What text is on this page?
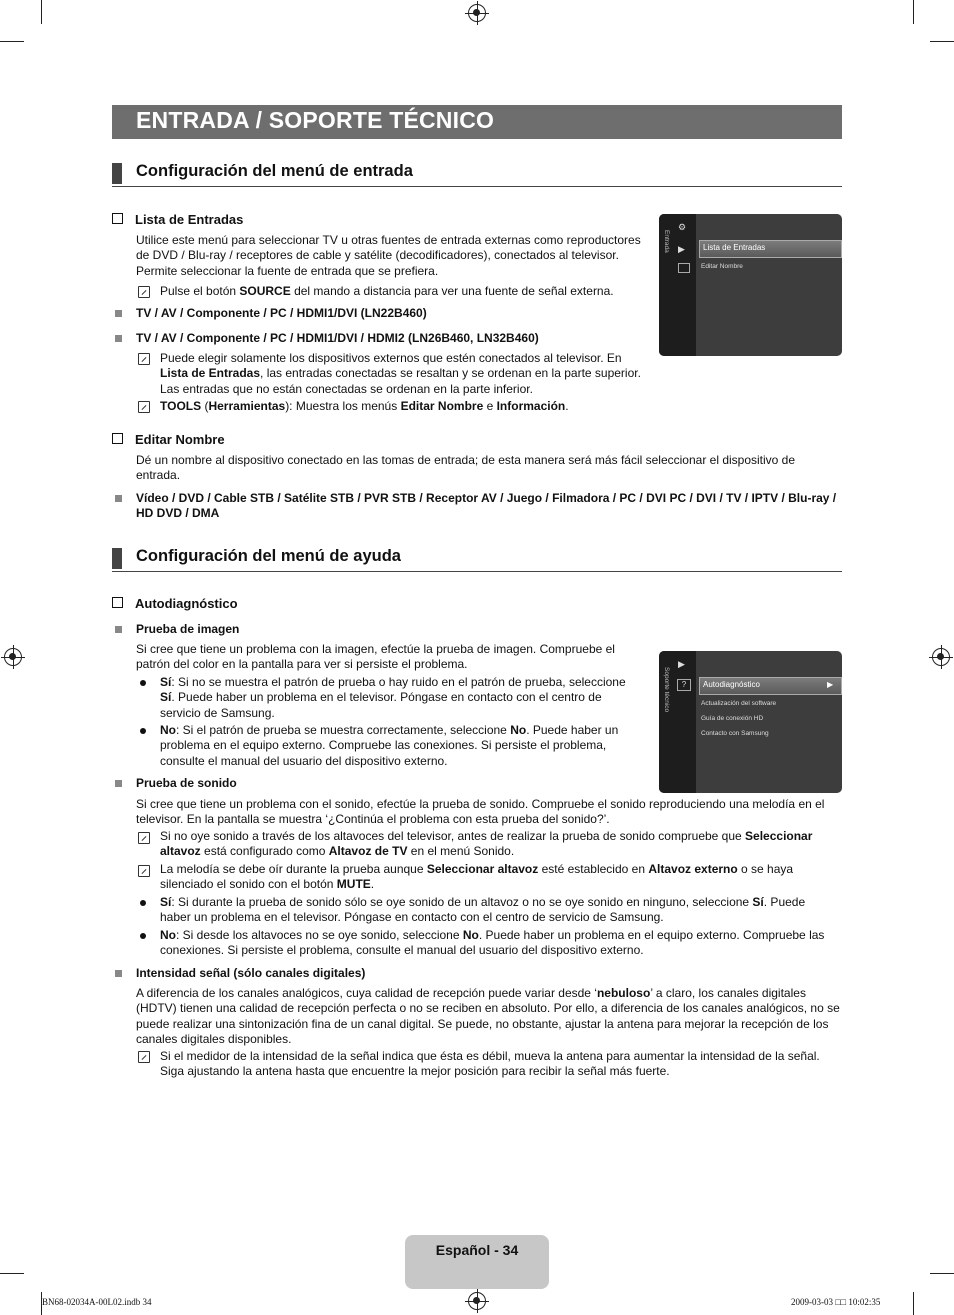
ENTRADA / SOPORTE TÉCNICO
Configuración del menú de entrada
Lista de Entradas
Utilice este menú para seleccionar TV u otras fuentes de entrada externas como reproductores de DVD / Blu-ray / receptores de cable y satélite (decodificadores), conectados al televisor. Permite seleccionar la fuente de entrada que se prefiera.
Pulse el botón SOURCE del mando a distancia para ver una fuente de señal externa.
TV / AV / Componente / PC / HDMI1/DVI (LN22B460)
TV / AV / Componente / PC / HDMI1/DVI / HDMI2 (LN26B460, LN32B460)
Puede elegir solamente los dispositivos externos que estén conectados al televisor. En Lista de Entradas, las entradas conectadas se resaltan y se ordenan en la parte superior. Las entradas que no están conectadas se ordenan en la parte inferior.
TOOLS (Herramientas): Muestra los menús Editar Nombre e Información.
Entrada
⚙
▶ Lista de Entradas
Editar Nombre
Editar Nombre
Dé un nombre al dispositivo conectado en las tomas de entrada; de esta manera será más fácil seleccionar el dispositivo de entrada.
Vídeo / DVD / Cable STB / Satélite STB / PVR STB / Receptor AV / Juego / Filmadora / PC / DVI PC / DVI / TV / IPTV / Blu-ray / HD DVD / DMA
Configuración del menú de ayuda
Autodiagnóstico
Prueba de imagen
Si cree que tiene un problema con la imagen, efectúe la prueba de imagen. Compruebe el patrón del color en la pantalla para ver si persiste el problema.
Sí: Si no se muestra el patrón de prueba o hay ruido en el patrón de prueba, seleccione Sí. Puede haber un problema en el televisor. Póngase en contacto con el centro de servicio de Samsung.
No: Si el patrón de prueba se muestra correctamente, seleccione No. Puede haber un problema en el equipo externo. Compruebe las conexiones. Si persiste el problema, consulte el manual del usuario del dispositivo externo.
Soporte técnico
▶
?	Autodiagnóstico	▶
Actualización del software
Guía de conexión HD
Contacto con Samsung
Prueba de sonido
Si cree que tiene un problema con el sonido, efectúe la prueba de sonido. Compruebe el sonido reproduciendo una melodía en el televisor. En la pantalla se muestra ‘¿Continúa el problema con esta prueba del sonido?’.
Si no oye sonido a través de los altavoces del televisor, antes de realizar la prueba de sonido compruebe que Seleccionar altavoz está configurado como Altavoz de TV en el menú Sonido.
La melodía se debe oír durante la prueba aunque Seleccionar altavoz esté establecido en Altavoz externo o se haya silenciado el sonido con el botón MUTE.
Sí: Si durante la prueba de sonido sólo se oye sonido de un altavoz o no se oye sonido en ninguno, seleccione Sí. Puede haber un problema en el televisor. Póngase en contacto con el centro de servicio de Samsung.
No: Si desde los altavoces no se oye sonido, seleccione No. Puede haber un problema en el equipo externo. Compruebe las conexiones. Si persiste el problema, consulte el manual del usuario del dispositivo externo.
Intensidad señal (sólo canales digitales)
A diferencia de los canales analógicos, cuya calidad de recepción puede variar desde ‘nebuloso’ a claro, los canales digitales (HDTV) tienen una calidad de recepción perfecta o no se reciben en absoluto. Por ello, a diferencia de los canales analógicos, no se puede realizar una sintonización fina de un canal digital. Se puede, no obstante, ajustar la antena para mejorar la recepción de los canales digitales disponibles.
Si el medidor de la intensidad de la señal indica que ésta es débil, mueva la antena para aumentar la intensidad de la señal. Siga ajustando la antena hasta que encuentre la mejor posición para recibir la señal más fuerte.
Español - 34
BN68-02034A-00L02.indb 34	2009-03-03 □□ 10:02:35
